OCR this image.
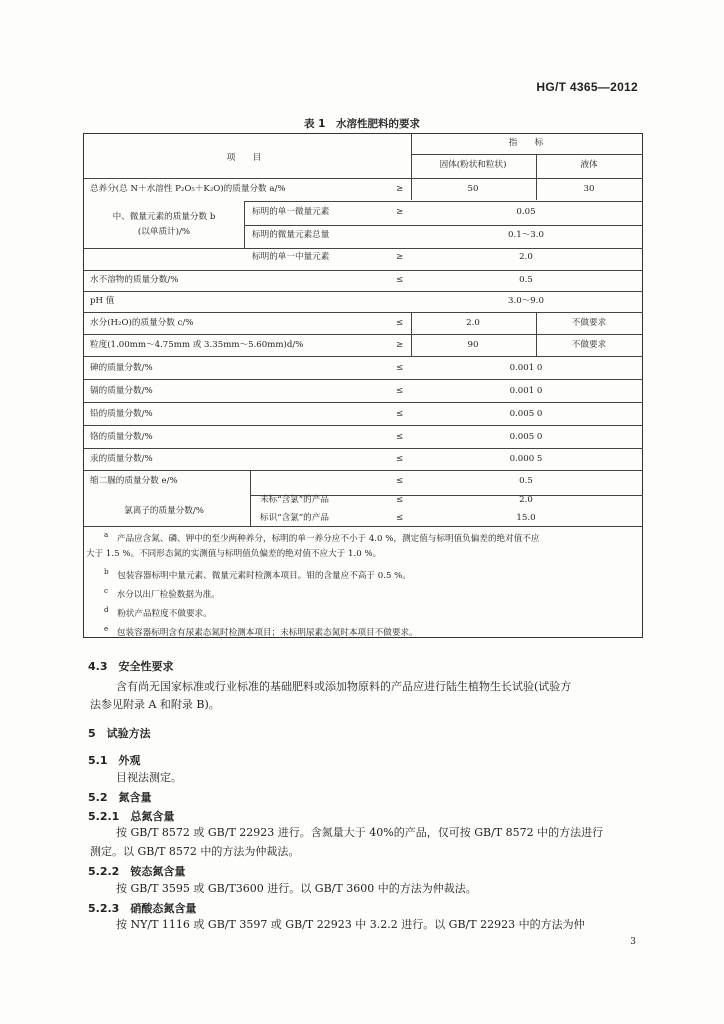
HG/T 4365—2012
表 1　水溶性肥料的要求
项　　目
指　　标
固体(粉状和粒状)	液体
总养分(总 N＋水溶性 P₂O₅＋K₂O)的质量分数 a/%	≥	50	30
中、微量元素的质量分数 b
(以单质计)/%
标明的单一微量元素	≥	0.05
标明的微量元素总量	0.1～3.0
标明的单一中量元素	≥	2.0
水不溶物的质量分数/%	≤	0.5
pH 值	3.0～9.0
水分(H₂O)的质量分数 c/%	≤	2.0	不做要求
粒度(1.00mm～4.75mm 或 3.35mm～5.60mm)d/%	≥	90	不做要求
砷的质量分数/%	≤	0.001 0
镉的质量分数/%	≤	0.001 0
铅的质量分数/%	≤	0.005 0
铬的质量分数/%	≤	0.005 0
汞的质量分数/%	≤	0.000 5
缩二脲的质量分数 e/%	≤	0.5
氯离子的质量分数/%
未标“含氯”的产品	≤	2.0
标识“含氯”的产品	≤	15.0
$^a$　 产品应含氮、磷、钾中的至少两种养分，标明的单一养分应不小于 4.0 %，测定值与标明值负偏差的绝对值不应
大于 1.5 %。不同形态氮的实测值与标明值负偏差的绝对值不应大于 1.0 %。
$^b$　 包装容器标明中量元素、微量元素时检测本项目。钼的含量应不高于 0.5 %。
$^c$　 水分以出厂检验数据为准。
$^d$　 粉状产品粒度不做要求。
$^e$　 包装容器标明含有尿素态氮时检测本项目；未标明尿素态氮时本项目不做要求。
4.3　 安全性要求
含有尚无国家标准或行业标准的基础肥料或添加物原料的产品应进行陆生植物生长试验(试验方
法参见附录 A 和附录 B)。
5　 试验方法
5.1　 外观
目视法测定。
5.2　 氮含量
5.2.1　 总氮含量
按 GB/T 8572 或 GB/T 22923 进行。含氮量大于 40%的产品，仅可按 GB/T 8572 中的方法进行
测定。以 GB/T 8572 中的方法为仲裁法。
5.2.2　 铵态氮含量
按 GB/T 3595 或 GB/T3600 进行。以 GB/T 3600 中的方法为仲裁法。
5.2.3　 硝酸态氮含量
按 NY/T 1116 或 GB/T 3597 或 GB/T 22923 中 3.2.2 进行。以 GB/T 22923 中的方法为仲
3
